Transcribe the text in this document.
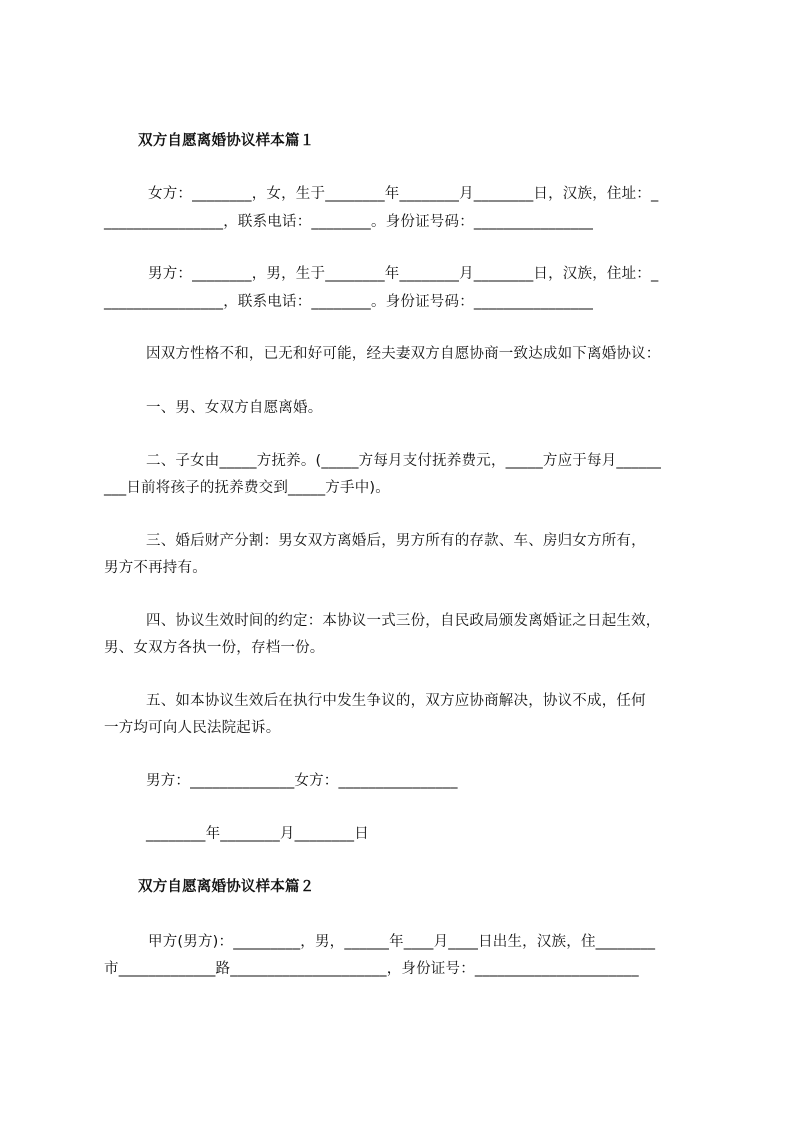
双方自愿离婚协议样本篇１

女方：________，女，生于________年________月________日，汉族，住址：_

________________，联系电话：________。身份证号码：________________

男方：________，男，生于________年________月________日，汉族，住址：_

________________，联系电话：________。身份证号码：________________

因双方性格不和，已无和好可能，经夫妻双方自愿协商一致达成如下离婚协议：

一、男、女双方自愿离婚。

二、子女由_____方抚养。(_____方每月支付抚养费元，_____方应于每月______

___日前将孩子的抚养费交到_____方手中)。

三、婚后财产分割：男女双方离婚后，男方所有的存款、车、房归女方所有，

男方不再持有。

四、协议生效时间的约定：本协议一式三份，自民政局颁发离婚证之日起生效，

男、女双方各执一份，存档一份。

五、如本协议生效后在执行中发生争议的，双方应协商解决，协议不成，任何

一方均可向人民法院起诉。

男方：______________女方：________________

________年________月________日

双方自愿离婚协议样本篇２

甲方(男方)：_________，男，______年____月____日出生，汉族，住________

市_____________路_____________________，身份证号：______________________
